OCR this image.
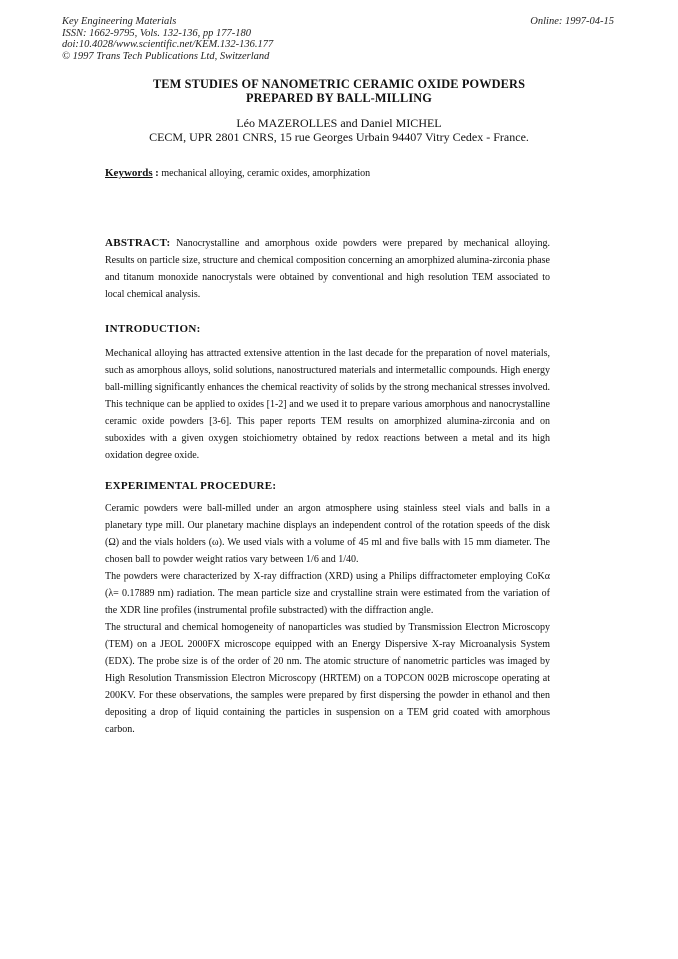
Key Engineering Materials
ISSN: 1662-9795, Vols. 132-136, pp 177-180
doi:10.4028/www.scientific.net/KEM.132-136.177
© 1997 Trans Tech Publications Ltd, Switzerland
Online: 1997-04-15
TEM STUDIES OF NANOMETRIC CERAMIC OXIDE POWDERS
PREPARED BY BALL-MILLING
Léo MAZEROLLES and Daniel MICHEL
CECM, UPR 2801 CNRS, 15 rue Georges Urbain 94407 Vitry Cedex - France.
Keywords : mechanical alloying, ceramic oxides, amorphization

ABSTRACT: Nanocrystalline and amorphous oxide powders were prepared by mechanical alloying. Results on particle size, structure and chemical composition concerning an amorphized alumina-zirconia phase and titanum monoxide nanocrystals were obtained by conventional and high resolution TEM associated to local chemical analysis.

INTRODUCTION:

Mechanical alloying has attracted extensive attention in the last decade for the preparation of novel materials, such as amorphous alloys, solid solutions, nanostructured materials and intermetallic compounds. High energy ball-milling significantly enhances the chemical reactivity of solids by the strong mechanical stresses involved. This technique can be applied to oxides [1-2] and we used it to prepare various amorphous and nanocrystalline ceramic oxide powders [3-6]. This paper reports TEM results on amorphized alumina-zirconia and on suboxides with a given oxygen stoichiometry obtained by redox reactions between a metal and its high oxidation degree oxide.

EXPERIMENTAL PROCEDURE:

Ceramic powders were ball-milled under an argon atmosphere using stainless steel vials and balls in a planetary type mill. Our planetary machine displays an independent control of the rotation speeds of the disk (Ω) and the vials holders (ω). We used vials with a volume of 45 ml and five balls with 15 mm diameter. The chosen ball to powder weight ratios vary between 1/6 and 1/40.

The powders were characterized by X-ray diffraction (XRD) using a Philips diffractometer employing CoKα (λ= 0.17889 nm) radiation. The mean particle size and crystalline strain were estimated from the variation of the XDR line profiles (instrumental profile substracted) with the diffraction angle.

The structural and chemical homogeneity of nanoparticles was studied by Transmission Electron Microscopy (TEM) on a JEOL 2000FX microscope equipped with an Energy Dispersive X-ray Microanalysis System (EDX). The probe size is of the order of 20 nm. The atomic structure of nanometric particles was imaged by High Resolution Transmission Electron Microscopy (HRTEM) on a TOPCON 002B microscope operating at 200KV. For these observations, the samples were prepared by first dispersing the powder in ethanol and then depositing a drop of liquid containing the particles in suspension on a TEM grid coated with amorphous carbon.
